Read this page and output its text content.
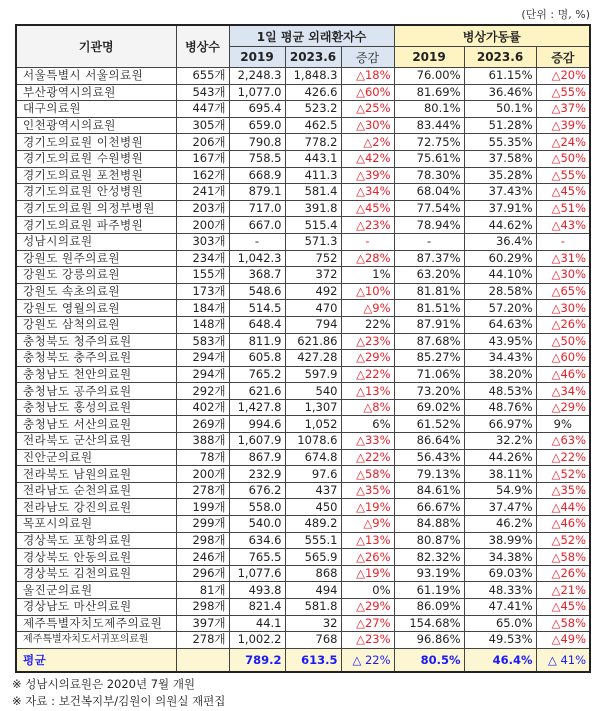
(단위 : 명, %)
기관명	병상수	1일 평균 외래환자수			병상가동률		
		2019	2023.6	증감	2019	2023.6	증감
서울특별시 서울의료원	655개	2,248.3	1,848.3	△18%	76.00%	61.15%	△20%
부산광역시의료원	543개	1,077.0	426.6	△60%	81.69%	36.46%	△55%
대구의료원	447개	695.4	523.2	△25%	80.1%	50.1%	△37%
인천광역시의료원	305개	659.0	462.5	△30%	83.44%	51.28%	△39%
경기도의료원 이천병원	206개	790.8	778.2	△2%	72.75%	55.35%	△24%
경기도의료원 수원병원	167개	758.5	443.1	△42%	75.61%	37.58%	△50%
경기도의료원 포천병원	162개	668.9	411.3	△39%	78.30%	35.28%	△55%
경기도의료원 안성병원	241개	879.1	581.4	△34%	68.04%	37.43%	△45%
경기도의료원 의정부병원	203개	717.0	391.8	△45%	77.54%	37.91%	△51%
경기도의료원 파주병원	200개	667.0	515.4	△23%	78.94%	44.62%	△43%
성남시의료원	303개	-	571.3	-	-	36.4%	-
강원도 원주의료원	234개	1,042.3	752	△28%	87.37%	60.29%	△31%
강원도 강릉의료원	155개	368.7	372	1%	63.20%	44.10%	△30%
강원도 속초의료원	173개	548.6	492	△10%	81.81%	28.58%	△65%
강원도 영월의료원	184개	514.5	470	△9%	81.51%	57.20%	△30%
강원도 삼척의료원	148개	648.4	794	22%	87.91%	64.63%	△26%
충청북도 청주의료원	583개	811.9	621.86	△23%	87.68%	43.95%	△50%
충청북도 충주의료원	294개	605.8	427.28	△29%	85.27%	34.43%	△60%
충청남도 천안의료원	294개	765.2	597.9	△22%	71.06%	38.20%	△46%
충청남도 공주의료원	292개	621.6	540	△13%	73.20%	48.53%	△34%
충청남도 홍성의료원	402개	1,427.8	1,307	△8%	69.02%	48.76%	△29%
충청남도 서산의료원	269개	994.6	1,052	6%	61.52%	66.97%	9%
전라북도 군산의료원	388개	1,607.9	1078.6	△33%	86.64%	32.2%	△63%
진안군의료원	78개	867.9	674.8	△22%	56.43%	44.26%	△22%
전라북도 남원의료원	200개	232.9	97.6	△58%	79.13%	38.11%	△52%
전라남도 순천의료원	278개	676.2	437	△35%	84.61%	54.9%	△35%
전라남도 강진의료원	199개	558.0	450	△19%	66.67%	37.47%	△44%
목포시의료원	299개	540.0	489.2	△9%	84.88%	46.2%	△46%
경상북도 포항의료원	298개	634.6	555.1	△13%	80.87%	38.99%	△52%
경상북도 안동의료원	246개	765.5	565.9	△26%	82.32%	34.38%	△58%
경상북도 김천의료원	296개	1,077.6	868	△19%	93.19%	69.03%	△26%
울진군의료원	81개	493.8	494	0%	61.19%	48.33%	△21%
경상남도 마산의료원	298개	821.4	581.8	△29%	86.09%	47.41%	△45%
제주특별자치도제주의료원	397개	44.1	32	△27%	154.68%	65.0%	△58%
제주특별자치도서귀포의료원	278개	1,002.2	768	△23%	96.86%	49.53%	△49%
평균		789.2	613.5	△ 22%	80.5%	46.4%	△ 41%
※ 성남시의료원은 2020년 7월 개원
※ 자료 : 보건복지부/김원이 의원실 재편집
